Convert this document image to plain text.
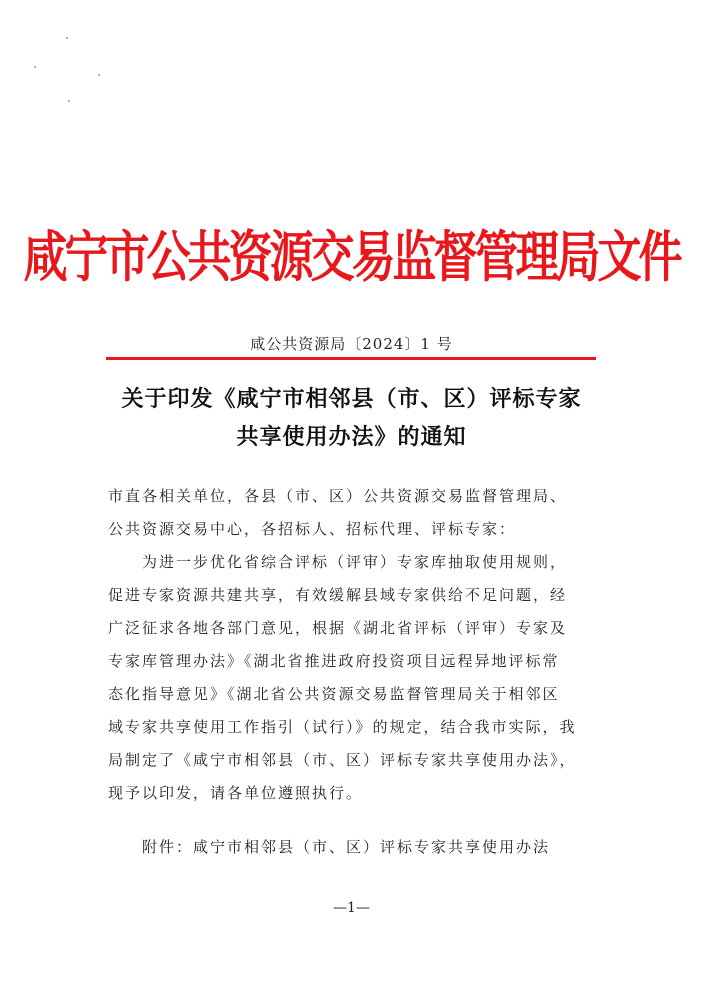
咸宁市公共资源交易监督管理局文件
咸公共资源局〔2024〕1 号
关于印发《咸宁市相邻县（市、区）评标专家
共享使用办法》的通知
市直各相关单位，各县（市、区）公共资源交易监督管理局、
公共资源交易中心，各招标人、招标代理、评标专家：
　　为进一步优化省综合评标（评审）专家库抽取使用规则，
促进专家资源共建共享，有效缓解县域专家供给不足问题，经
广泛征求各地各部门意见，根据《湖北省评标（评审）专家及
专家库管理办法》《湖北省推进政府投资项目远程异地评标常
态化指导意见》《湖北省公共资源交易监督管理局关于相邻区
域专家共享使用工作指引（试行）》的规定，结合我市实际，我
局制定了《咸宁市相邻县（市、区）评标专家共享使用办法》，
现予以印发，请各单位遵照执行。
　　附件：咸宁市相邻县（市、区）评标专家共享使用办法
—1—
